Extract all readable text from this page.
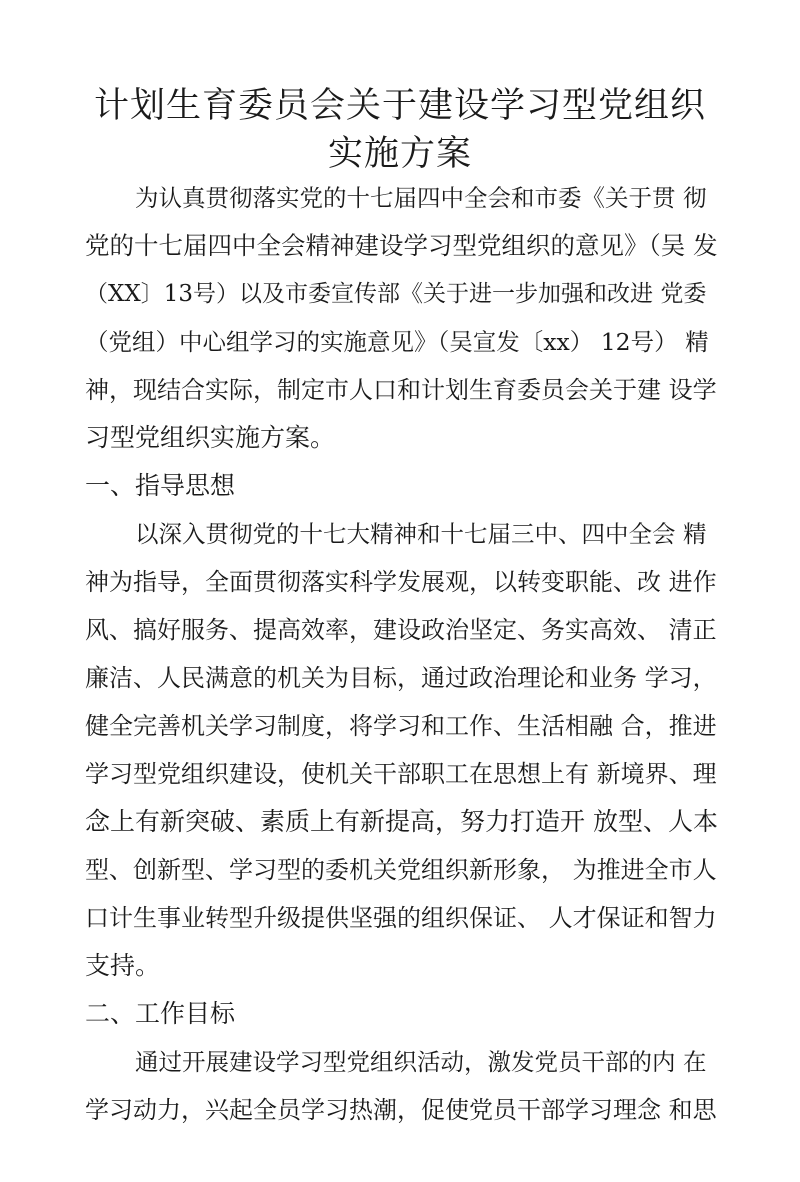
计划生育委员会关于建设学习型党组织
实施方案
为认真贯彻落实党的十七届四中全会和市委《关于贯 彻
党的十七届四中全会精神建设学习型党组织的意见》（吴 发
（XX〕13号）以及市委宣传部《关于进一步加强和改进 党委
（党组）中心组学习的实施意见》（吴宣发〔xx） 12号） 精
神，现结合实际，制定市人口和计划生育委员会关于建 设学
习型党组织实施方案。
一、指导思想
以深入贯彻党的十七大精神和十七届三中、四中全会 精
神为指导，全面贯彻落实科学发展观，以转变职能、改 进作
风、搞好服务、提高效率，建设政治坚定、务实高效、 清正
廉洁、人民满意的机关为目标，通过政治理论和业务 学习，
健全完善机关学习制度，将学习和工作、生活相融 合，推进
学习型党组织建设，使机关干部职工在思想上有 新境界、理
念上有新突破、素质上有新提高，努力打造开 放型、人本
型、创新型、学习型的委机关党组织新形象， 为推进全市人
口计生事业转型升级提供坚强的组织保证、 人才保证和智力
支持。
二、工作目标
通过开展建设学习型党组织活动，激发党员干部的内 在
学习动力，兴起全员学习热潮，促使党员干部学习理念 和思
